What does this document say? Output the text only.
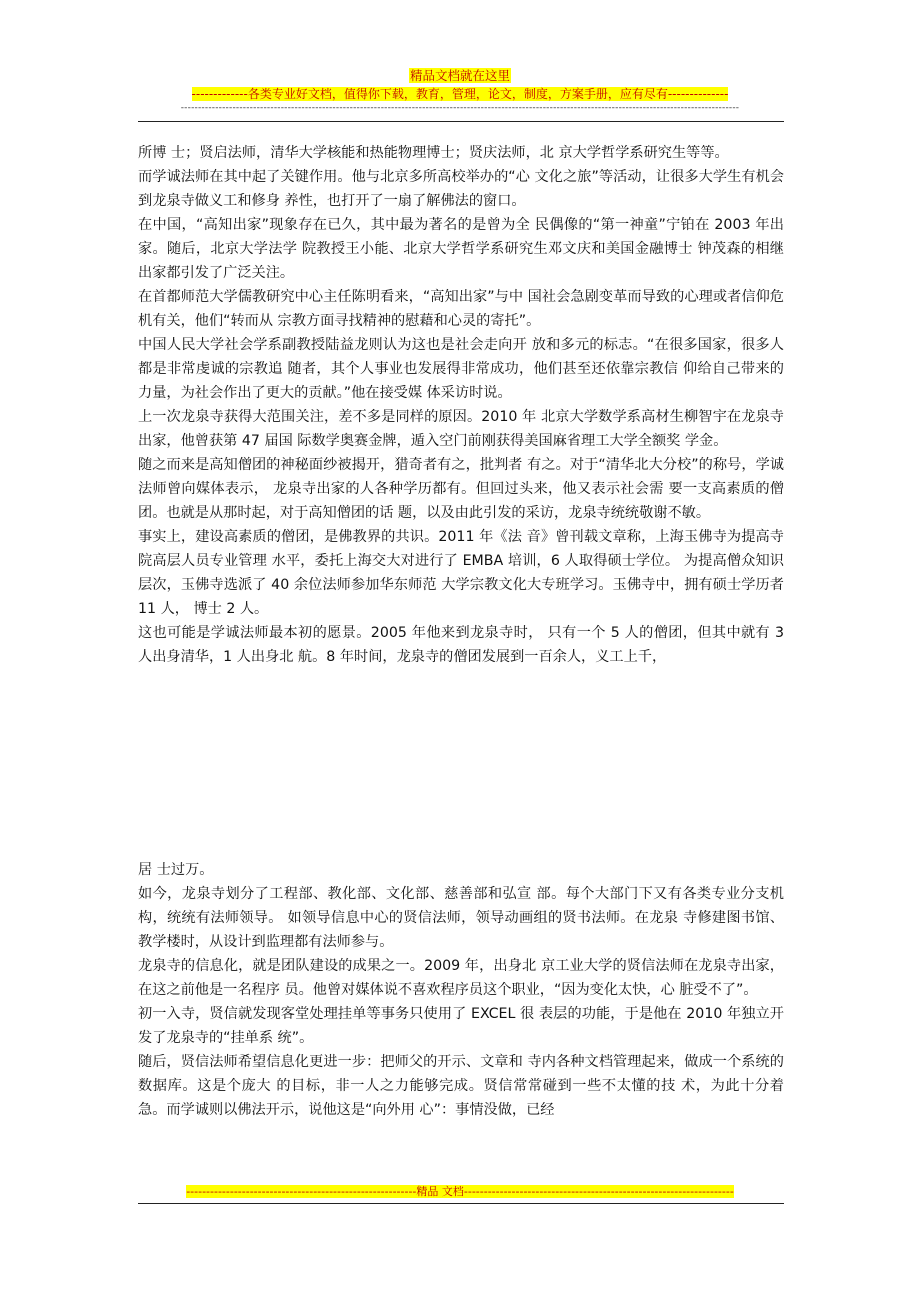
精品文档就在这里
-------------各类专业好文档，值得你下载，教育，管理，论文，制度，方案手册，应有尽有--------------
------------------------------------------------------------------------------------------------------------------------------------------------------------------

所博 士；贤启法师，清华大学核能和热能物理博士；贤庆法师，北 京大学哲学系研究生等等。

而学诚法师在其中起了关键作用。他与北京多所高校举办的“心 文化之旅”等活动，让很多大学生有机会到龙泉寺做义工和修身 养性，也打开了一扇了解佛法的窗口。

在中国，“高知出家”现象存在已久，其中最为著名的是曾为全 民偶像的“第一神童”宁铂在 2003 年出家。随后，北京大学法学 院教授王小能、北京大学哲学系研究生邓文庆和美国金融博士 钟茂森的相继出家都引发了广泛关注。

在首都师范大学儒教研究中心主任陈明看来，“高知出家”与中 国社会急剧变革而导致的心理或者信仰危机有关，他们“转而从 宗教方面寻找精神的慰藉和心灵的寄托”。

中国人民大学社会学系副教授陆益龙则认为这也是社会走向开 放和多元的标志。“在很多国家，很多人都是非常虔诚的宗教追 随者，其个人事业也发展得非常成功，他们甚至还依靠宗教信 仰给自己带来的力量，为社会作出了更大的贡献。”他在接受媒 体采访时说。

上一次龙泉寺获得大范围关注，差不多是同样的原因。2010 年 北京大学数学系高材生柳智宇在龙泉寺出家，他曾获第 47 届国 际数学奥赛金牌，遁入空门前刚获得美国麻省理工大学全额奖 学金。

随之而来是高知僧团的神秘面纱被揭开，猎奇者有之，批判者 有之。对于“清华北大分校”的称号，学诚法师曾向媒体表示， 龙泉寺出家的人各种学历都有。但回过头来，他又表示社会需 要一支高素质的僧团。也就是从那时起，对于高知僧团的话 题，以及由此引发的采访，龙泉寺统统敬谢不敏。

事实上，建设高素质的僧团，是佛教界的共识。2011 年《法 音》曾刊载文章称，上海玉佛寺为提高寺院高层人员专业管理 水平，委托上海交大对进行了 EMBA 培训，6 人取得硕士学位。 为提高僧众知识层次，玉佛寺选派了 40 余位法师参加华东师范 大学宗教文化大专班学习。玉佛寺中，拥有硕士学历者 11 人， 博士 2 人。

这也可能是学诚法师最本初的愿景。2005 年他来到龙泉寺时， 只有一个 5 人的僧团，但其中就有 3 人出身清华，1 人出身北 航。8 年时间，龙泉寺的僧团发展到一百余人，义工上千，

居 士过万。

如今，龙泉寺划分了工程部、教化部、文化部、慈善部和弘宣 部。每个大部门下又有各类专业分支机构，统统有法师领导。 如领导信息中心的贤信法师，领导动画组的贤书法师。在龙泉 寺修建图书馆、教学楼时，从设计到监理都有法师参与。

龙泉寺的信息化，就是团队建设的成果之一。2009 年，出身北 京工业大学的贤信法师在龙泉寺出家，在这之前他是一名程序 员。他曾对媒体说不喜欢程序员这个职业，“因为变化太快，心 脏受不了”。

初一入寺，贤信就发现客堂处理挂单等事务只使用了 EXCEL 很 表层的功能，于是他在 2010 年独立开发了龙泉寺的“挂单系 统”。

随后，贤信法师希望信息化更进一步：把师父的开示、文章和 寺内各种文档管理起来，做成一个系统的数据库。这是个庞大 的目标，非一人之力能够完成。贤信常常碰到一些不太懂的技 术，为此十分着急。而学诚则以佛法开示，说他这是“向外用 心”：事情没做，已经

----------------------------------------------------------精品 文档--------------------------------------------------------------------
